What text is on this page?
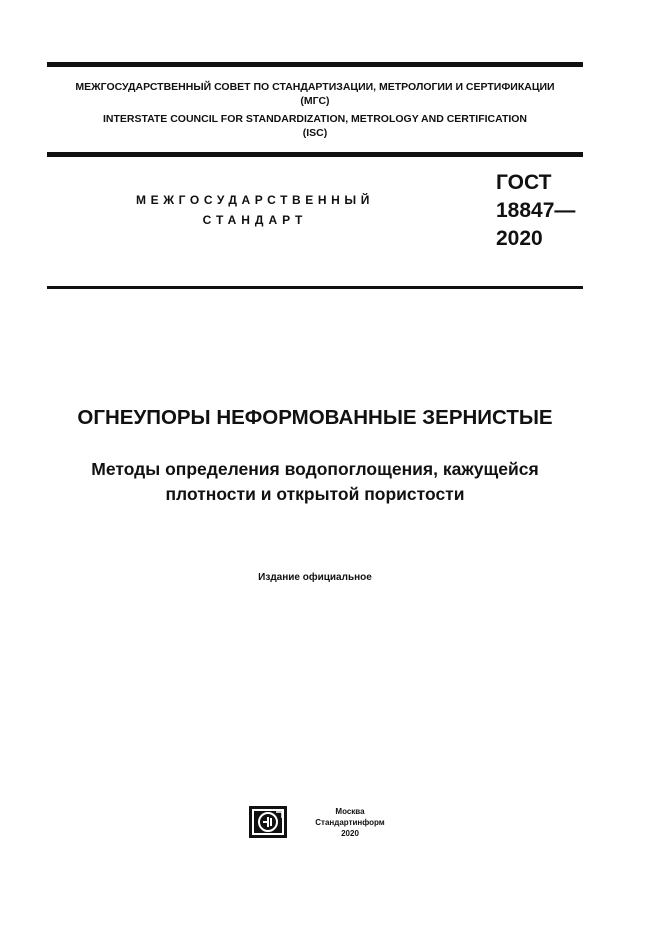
МЕЖГОСУДАРСТВЕННЫЙ СОВЕТ ПО СТАНДАРТИЗАЦИИ, МЕТРОЛОГИИ И СЕРТИФИКАЦИИ
(МГС)
INTERSTATE COUNCIL FOR STANDARDIZATION, METROLOGY AND CERTIFICATION
(ISC)
МЕЖГОСУДАРСТВЕННЫЙ
СТАНДАРТ
ГОСТ
18847—
2020
ОГНЕУПОРЫ НЕФОРМОВАННЫЕ ЗЕРНИСТЫЕ
Методы определения водопоглощения, кажущейся
плотности и открытой пористости
Издание официальное
Москва
Стандартинформ
2020
